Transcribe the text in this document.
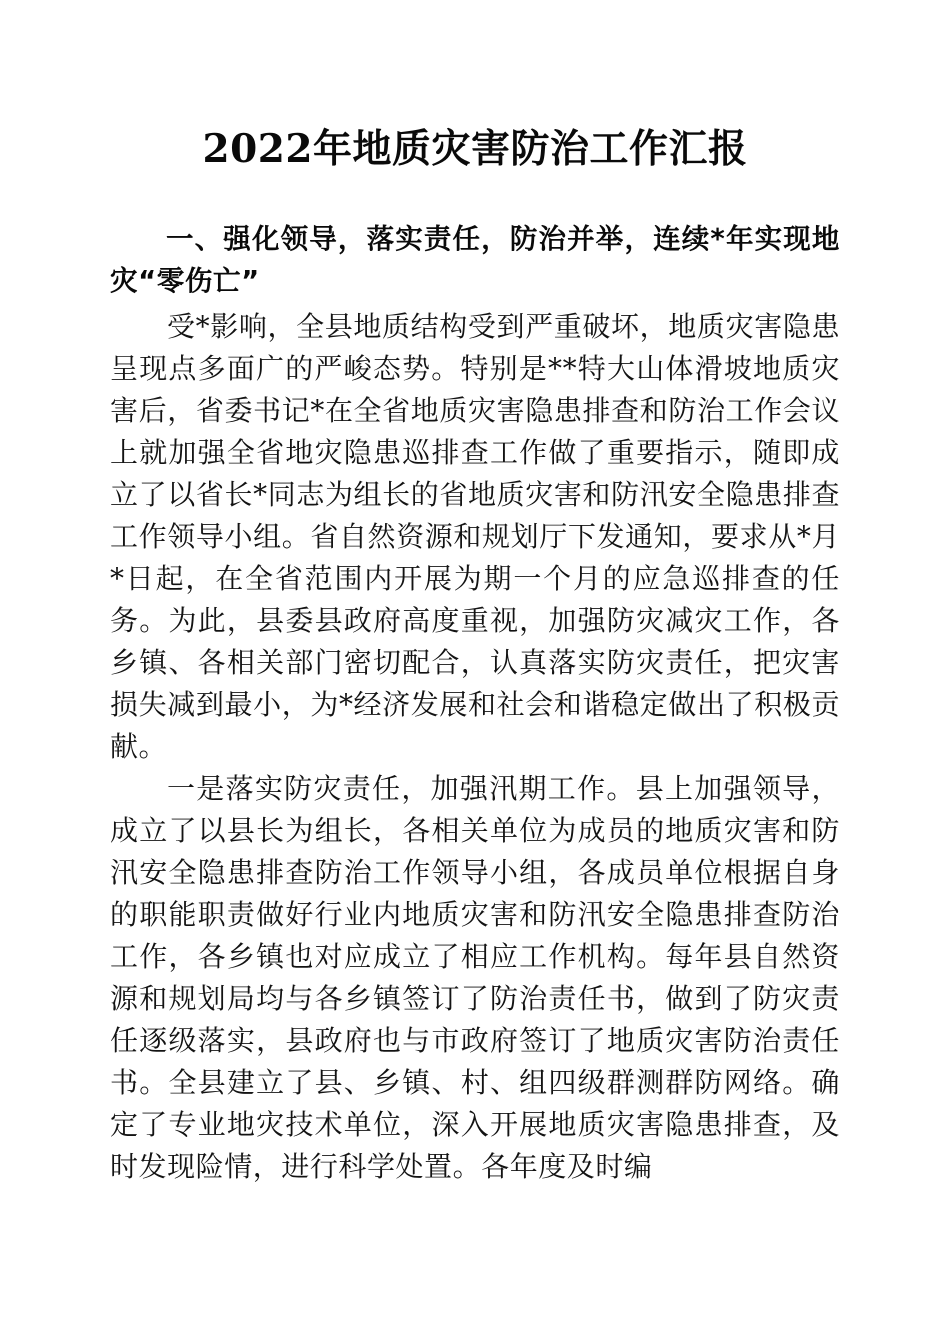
2022年地质灾害防治工作汇报
一、强化领导，落实责任，防治并举，连续*年实现地灾“零伤亡”

受*影响，全县地质结构受到严重破坏，地质灾害隐患呈现点多面广的严峻态势。特别是**特大山体滑坡地质灾害后，省委书记*在全省地质灾害隐患排查和防治工作会议上就加强全省地灾隐患巡排查工作做了重要指示，随即成立了以省长*同志为组长的省地质灾害和防汛安全隐患排查工作领导小组。省自然资源和规划厅下发通知，要求从*月*日起，在全省范围内开展为期一个月的应急巡排查的任务。为此，县委县政府高度重视，加强防灾减灾工作，各乡镇、各相关部门密切配合，认真落实防灾责任，把灾害损失减到最小，为*经济发展和社会和谐稳定做出了积极贡献。

一是落实防灾责任，加强汛期工作。县上加强领导，成立了以县长为组长，各相关单位为成员的地质灾害和防汛安全隐患排查防治工作领导小组，各成员单位根据自身的职能职责做好行业内地质灾害和防汛安全隐患排查防治工作，各乡镇也对应成立了相应工作机构。每年县自然资源和规划局均与各乡镇签订了防治责任书，做到了防灾责任逐级落实，县政府也与市政府签订了地质灾害防治责任书。全县建立了县、乡镇、村、组四级群测群防网络。确定了专业地灾技术单位，深入开展地质灾害隐患排查，及时发现险情，进行科学处置。各年度及时编
